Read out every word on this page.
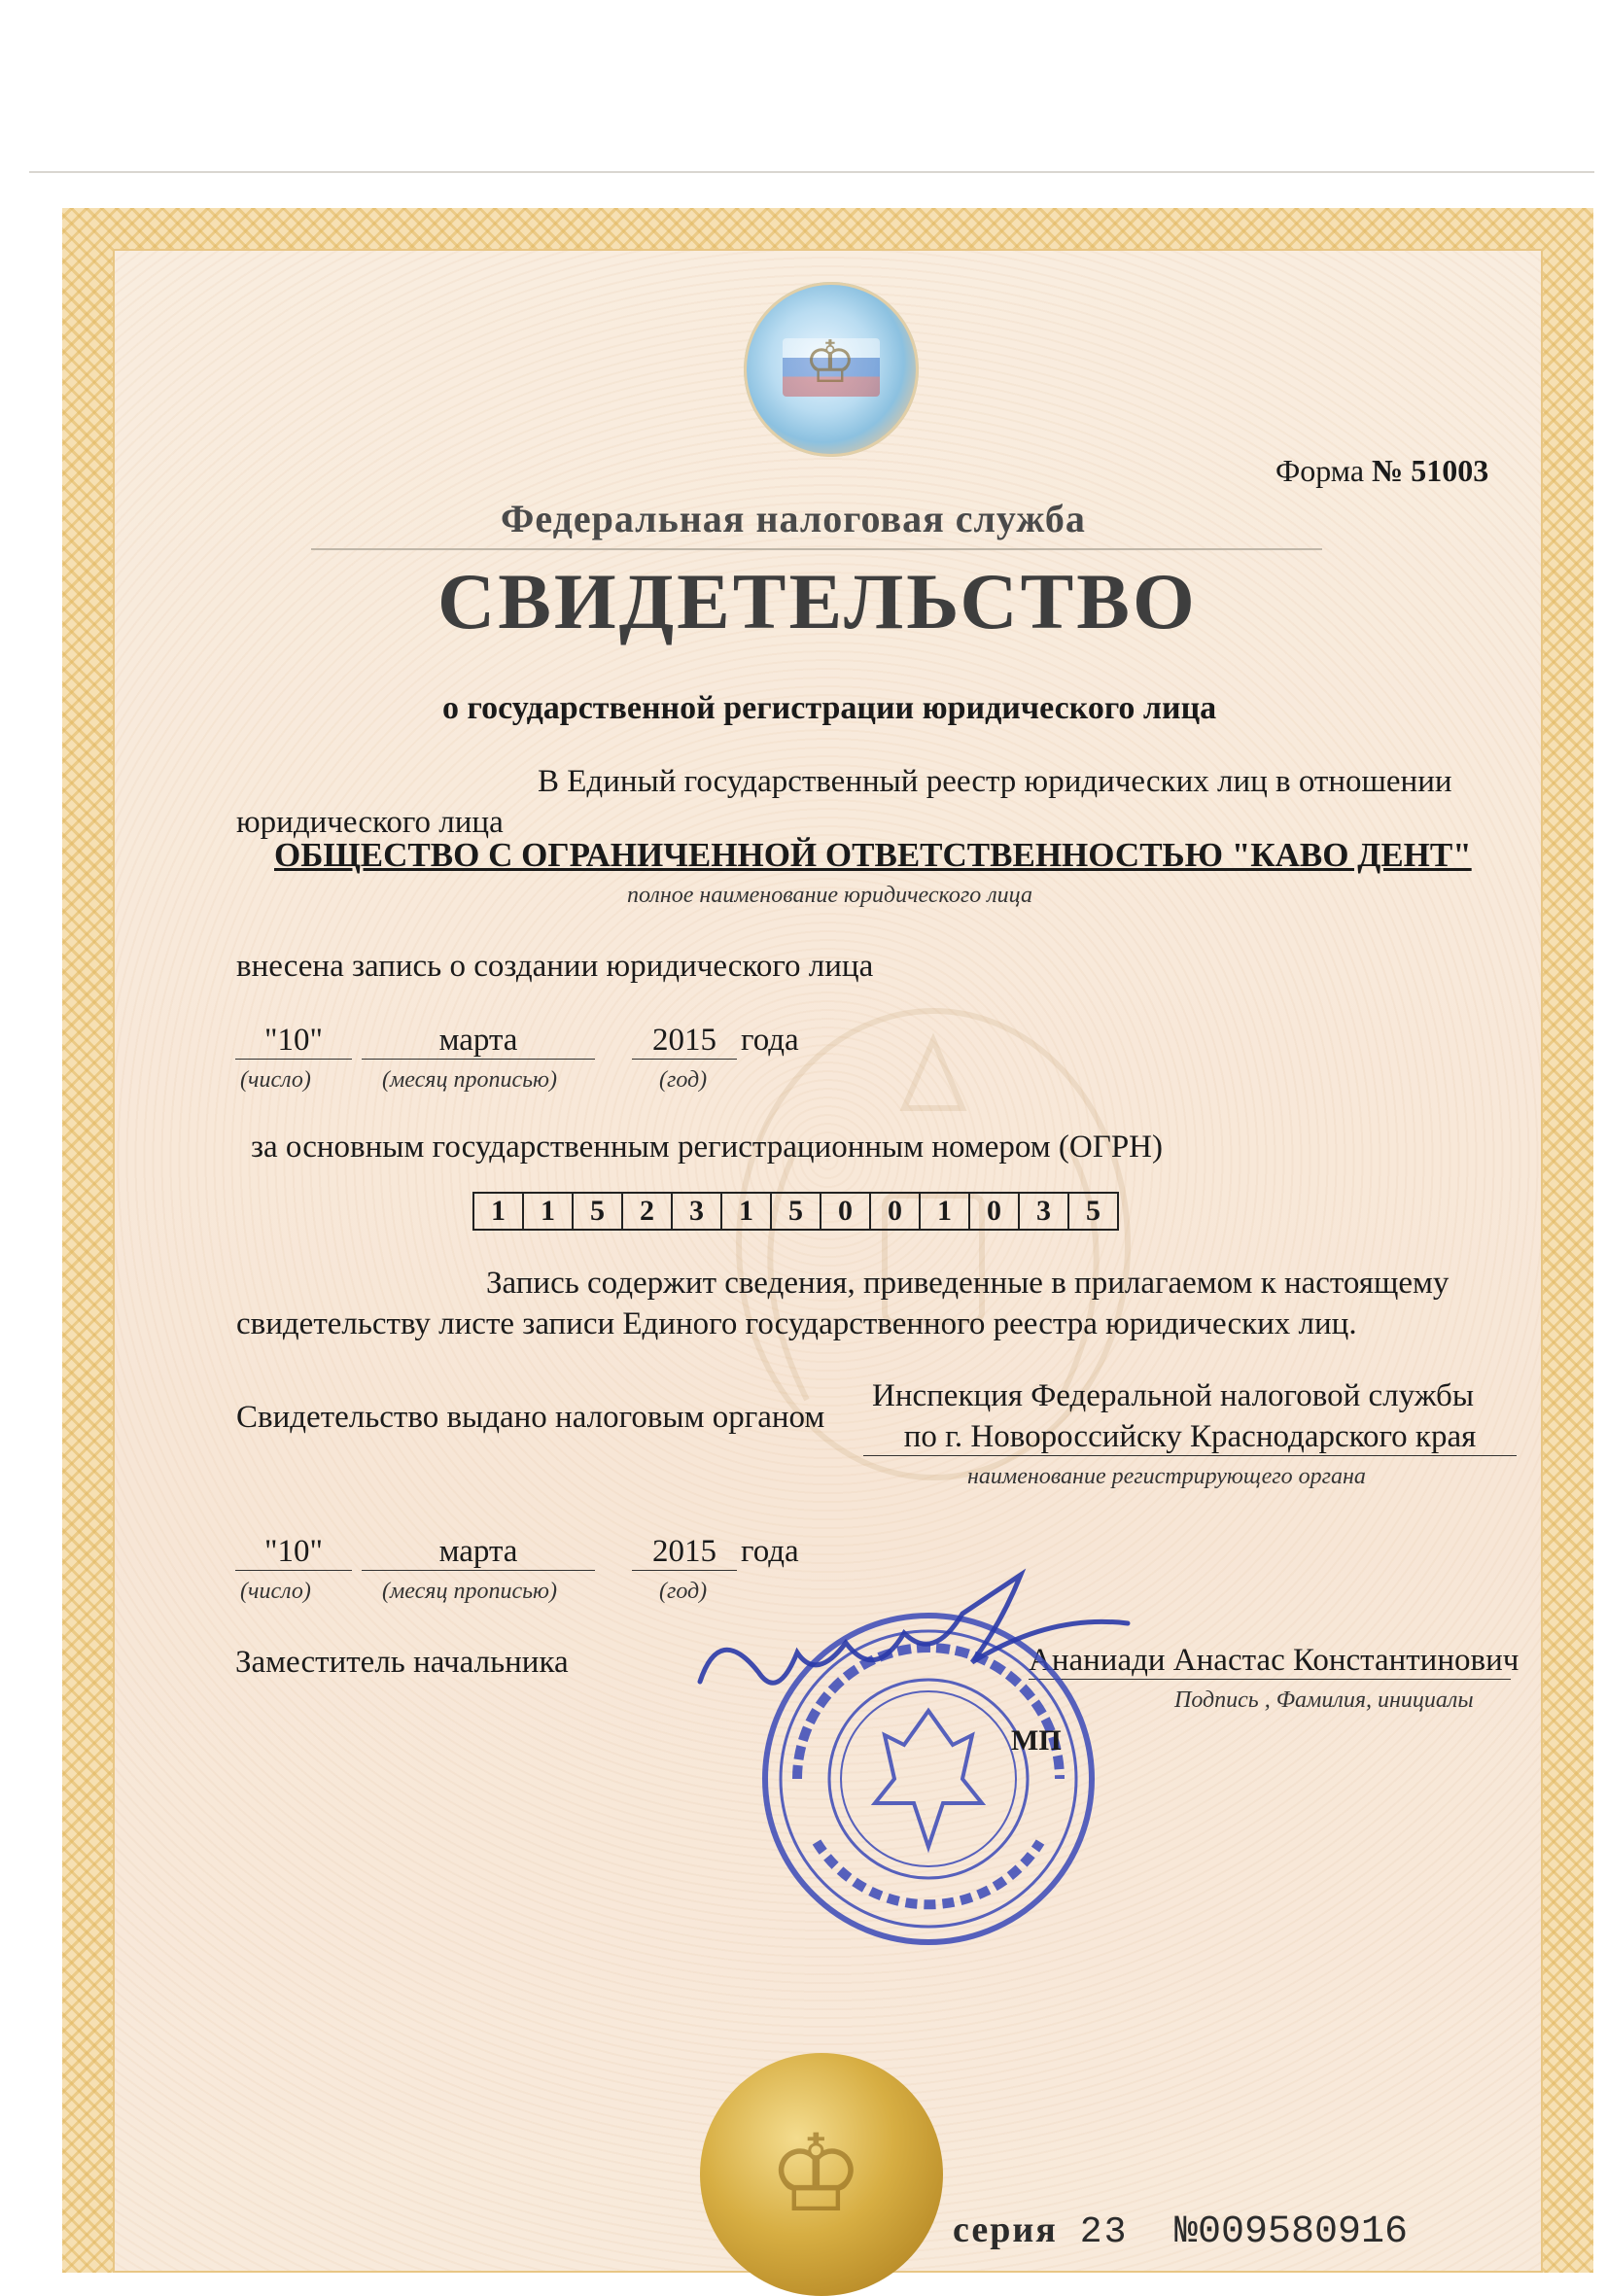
♔
Форма № 51003
Федеральная налоговая служба
СВИДЕТЕЛЬСТВО
о государственной регистрации юридического лица
В Единый государственный реестр юридических лиц в отношении
юридического лица
ОБЩЕСТВО С ОГРАНИЧЕННОЙ ОТВЕТСТВЕННОСТЬЮ "КАВО ДЕНТ"
полное наименование юридического лица
внесена запись о создании юридического лица
"10"	марта	2015 года
(число)	(месяц прописью)	(год)
за основным государственным регистрационным номером (ОГРН)
1	1	5	2	3	1	5	0	0	1	0	3	5
Запись содержит сведения, приведенные в прилагаемом к настоящему
свидетельству листе записи Единого государственного реестра юридических лиц.
Свидетельство выдано налоговым органом
Инспекция Федеральной налоговой службы
по г. Новороссийску Краснодарского края
наименование регистрирующего органа
"10"	марта	2015 года
(число)	(месяц прописью)	(год)
Заместитель начальника	Ананиади Анастас Константинович
Подпись , Фамилия, инициалы
МП
♔ серия 23 №009580916
